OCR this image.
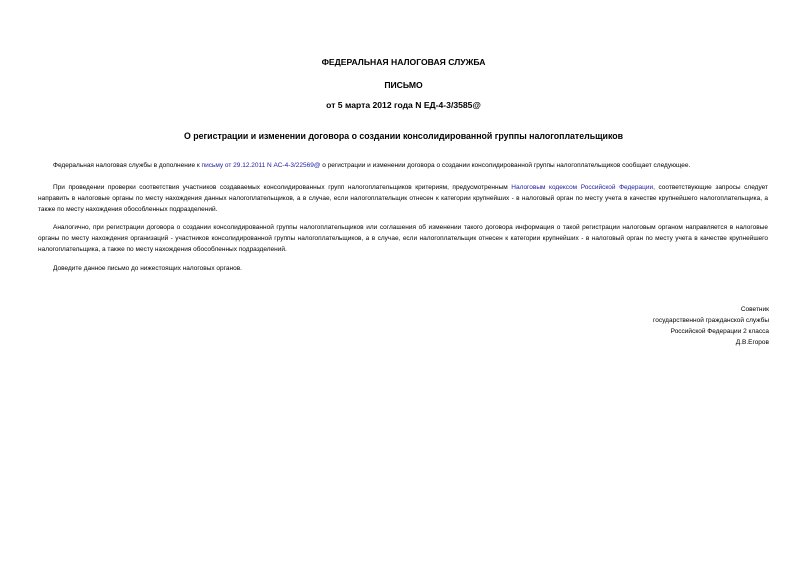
ФЕДЕРАЛЬНАЯ НАЛОГОВАЯ СЛУЖБА
ПИСЬМО
от 5 марта 2012 года N ЕД-4-3/3585@
О регистрации и изменении договора о создании консолидированной группы налогоплательщиков

Федеральная налоговая службы в дополнение к письму от 29.12.2011 N АС-4-3/22569@ о регистрации и изменении договора о создании консолидированной группы налогоплательщиков сообщает следующее.

При проведении проверки соответствия участников создаваемых консолидированных групп налогоплательщиков критериям, предусмотренным Налоговым кодексом Российской Федерации, соответствующие запросы следует направить в налоговые органы по месту нахождения данных налогоплательщиков, а в случае, если налогоплательщик отнесен к категории крупнейших - в налоговый орган по месту учета в качестве крупнейшего налогоплательщика, а также по месту нахождения обособленных подразделений.

Аналогично, при регистрации договора о создании консолидированной группы налогоплательщиков или соглашения об изменении такого договора информация о такой регистрации налоговым органом направляется в налоговые органы по месту нахождения организаций - участников консолидированной группы налогоплательщиков, а в случае, если налогоплательщик отнесен к категории крупнейших - в налоговый орган по месту учета в качестве крупнейшего налогоплательщика, а также по месту нахождения обособленных подразделений.

Доведите данное письмо до нижестоящих налоговых органов.

Советник
государственной гражданской службы
Российской Федерации 2 класса
Д.В.Егоров
